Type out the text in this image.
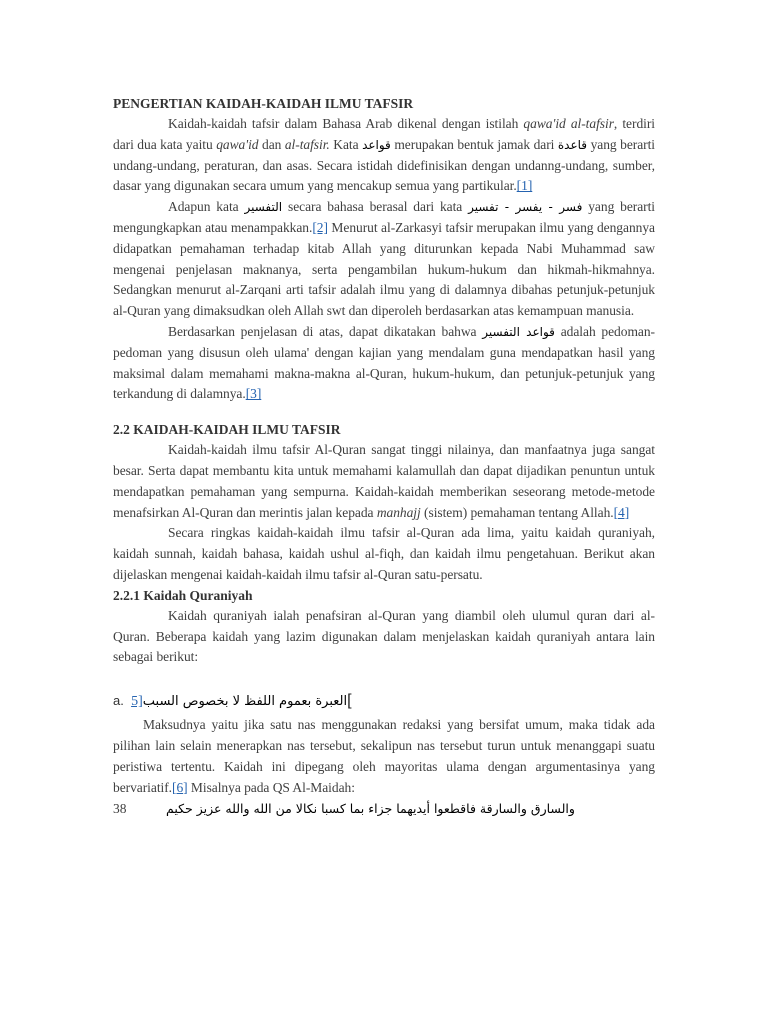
PENGERTIAN KAIDAH-KAIDAH ILMU TAFSIR

Kaidah-kaidah tafsir dalam Bahasa Arab dikenal dengan istilah qawa'id al-tafsir, terdiri dari dua kata yaitu qawa'id dan al-tafsir. Kata قواعد merupakan bentuk jamak dari قاعدة yang berarti undang-undang, peraturan, dan asas. Secara istidah didefinisikan dengan undanng-undang, sumber, dasar yang digunakan secara umum yang mencakup semua yang partikular.[1]

Adapun kata التفسير secara bahasa berasal dari kata فسر - يفسر - تفسير yang berarti mengungkapkan atau menampakkan.[2] Menurut al-Zarkasyi tafsir merupakan ilmu yang dengannya didapatkan pemahaman terhadap kitab Allah yang diturunkan kepada Nabi Muhammad saw mengenai penjelasan maknanya, serta pengambilan hukum-hukum dan hikmah-hikmahnya. Sedangkan menurut al-Zarqani arti tafsir adalah ilmu yang di dalamnya dibahas petunjuk-petunjuk al-Quran yang dimaksudkan oleh Allah swt dan diperoleh berdasarkan atas kemampuan manusia.

Berdasarkan penjelasan di atas, dapat dikatakan bahwa قواعد التفسير adalah pedoman-pedoman yang disusun oleh ulama' dengan kajian yang mendalam guna mendapatkan hasil yang maksimal dalam memahami makna-makna al-Quran, hukum-hukum, dan petunjuk-petunjuk yang terkandung di dalamnya.[3]

2.2 KAIDAH-KAIDAH ILMU TAFSIR

Kaidah-kaidah ilmu tafsir Al-Quran sangat tinggi nilainya, dan manfaatnya juga sangat besar. Serta dapat membantu kita untuk memahami kalamullah dan dapat dijadikan penuntun untuk mendapatkan pemahaman yang sempurna. Kaidah-kaidah memberikan seseorang metode-metode menafsirkan Al-Quran dan merintis jalan kepada manhajj (sistem) pemahaman tentang Allah.[4]

Secara ringkas kaidah-kaidah ilmu tafsir al-Quran ada lima, yaitu kaidah quraniyah, kaidah sunnah, kaidah bahasa, kaidah ushul al-fiqh, dan kaidah ilmu pengetahuan. Berikut akan dijelaskan mengenai kaidah-kaidah ilmu tafsir al-Quran satu-persatu.

2.2.1 Kaidah Quraniyah

Kaidah quraniyah ialah penafsiran al-Quran yang diambil oleh ulumul quran dari al-Quran. Beberapa kaidah yang lazim digunakan dalam menjelaskan kaidah quraniyah antara lain sebagai berikut:

a. 5]العبرة بعموم اللفظ لا بخصوص السبب[

Maksudnya yaitu jika satu nas menggunakan redaksi yang bersifat umum, maka tidak ada pilihan lain selain menerapkan nas tersebut, sekalipun nas tersebut turun untuk menanggapi suatu peristiwa tertentu. Kaidah ini dipegang oleh mayoritas ulama dengan argumentasinya yang bervariatif.[6] Misalnya pada QS Al-Maidah:

38	والسارق والسارقة فاقطعوا أيديهما جزاء بما كسبا نكالا من الله والله عزيز حكيم
